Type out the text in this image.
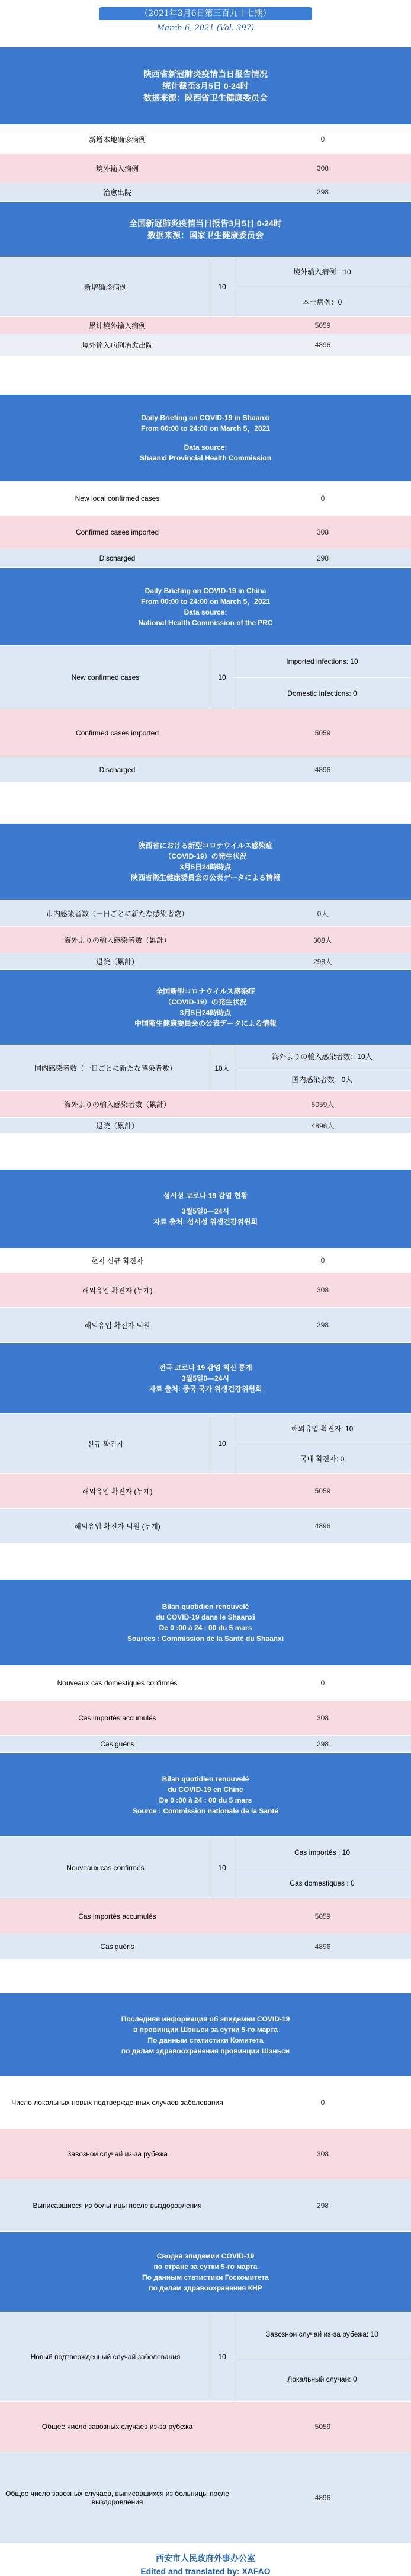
（2021年3月6日第三百九十七期）
March 6, 2021 (Vol. 397)
陕西省新冠肺炎疫情当日报告情况
统计截至3月5日 0-24时
数据来源：陕西省卫生健康委员会
新增本地确诊病例	0
境外输入病例	308
治愈出院	298
全国新冠肺炎疫情当日报告3月5日 0-24时
数据来源：国家卫生健康委员会
新增确诊病例	10
境外输入病例：10
本土病例：0
累计境外输入病例	5059
境外输入病例治愈出院	4896
Daily Briefing on COVID-19 in Shaanxi
From 00:00 to 24:00 on March 5，2021
Data source:
Shaanxi Provincial Health Commission
New local confirmed cases	0
Confirmed cases imported	308
Discharged	298
Daily Briefing on COVID-19 in China
From 00:00 to 24:00 on March 5，2021
Data source:
National Health Commission of the PRC
New confirmed cases	10
Imported infections: 10
Domestic infections: 0
Confirmed cases imported	5059
Discharged	4896
陝西省における新型コロナウイルス感染症
（COVID-19）の発生状況
3月5日24時時点
陝西省衛生健康委員会の公表データによる情報
市内感染者数（一日ごとに新たな感染者数）	0人
海外よりの輸入感染者数（累計）	308人
退院（累計）	298人
全国新型コロナウイルス感染症
（COVID-19）の発生状況
3月5日24時時点
中国衛生健康委員会の公表データによる情報
国内感染者数（一日ごとに新たな感染者数）	10人
海外よりの輸入感染者数：10人
国内感染者数：0人
海外よりの輸入感染者数（累計）	5059人
退院（累計）	4896人
섬서성 코로나 19 감염 현황
3월5일0—24시
자료 출처: 섬서성 위생건강위원회
현지 신규 확진자	0
해외유입 확진자 (누계)	308
해외유입 확진자 퇴원	298
전국 코로나 19 감염 최신 통계
3월5일0—24시
자료 출처: 중국 국가 위생건강위원회
신규 확진자	10
해외유입 확진자: 10
국내 확진자: 0
해외유입 확진자 (누계)	5059
해외유입 확진자 퇴원 (누계)	4896
Bilan quotidien renouvelé
du COVID-19 dans le Shaanxi
De 0 :00 à 24 : 00 du 5 mars
Sources : Commission de la Santé du Shaanxi
Nouveaux cas domestiques confirmés	0
Cas importés accumulés	308
Cas guéris	298
Bilan quotidien renouvelé
du COVID-19 en Chine
De 0 :00 à 24 : 00 du 5 mars
Source : Commission nationale de la Santé
Nouveaux cas confirmés	10
Cas importés : 10
Cas domestiques : 0
Cas importés accumulés	5059
Cas guéris	4896
Последняя информация об эпидемии COVID-19
в провинции Шэньси за сутки 5-го марта
По данным статистики Комитета
по делам здравоохранения провинции Шэньси
Число локальных новых подтвержденных случаев заболевания	0
Завозной случай из-за рубежа	308
Выписавшиеся из больницы после выздоровления	298
Сводка эпидемии COVID-19
по стране за сутки 5-го марта
По данным статистики Госкомитета
по делам здравоохранения КНР
Новый подтвержденный случай заболевания	10
Завозной случай из-за рубежа: 10
Локальный случай: 0
Общее число завозных случаев из-за рубежа	5059
Общее число завозных случаев, выписавшихся из больницы после выздоровления	4896
西安市人民政府外事办公室
Edited and translated by: XAFAO
